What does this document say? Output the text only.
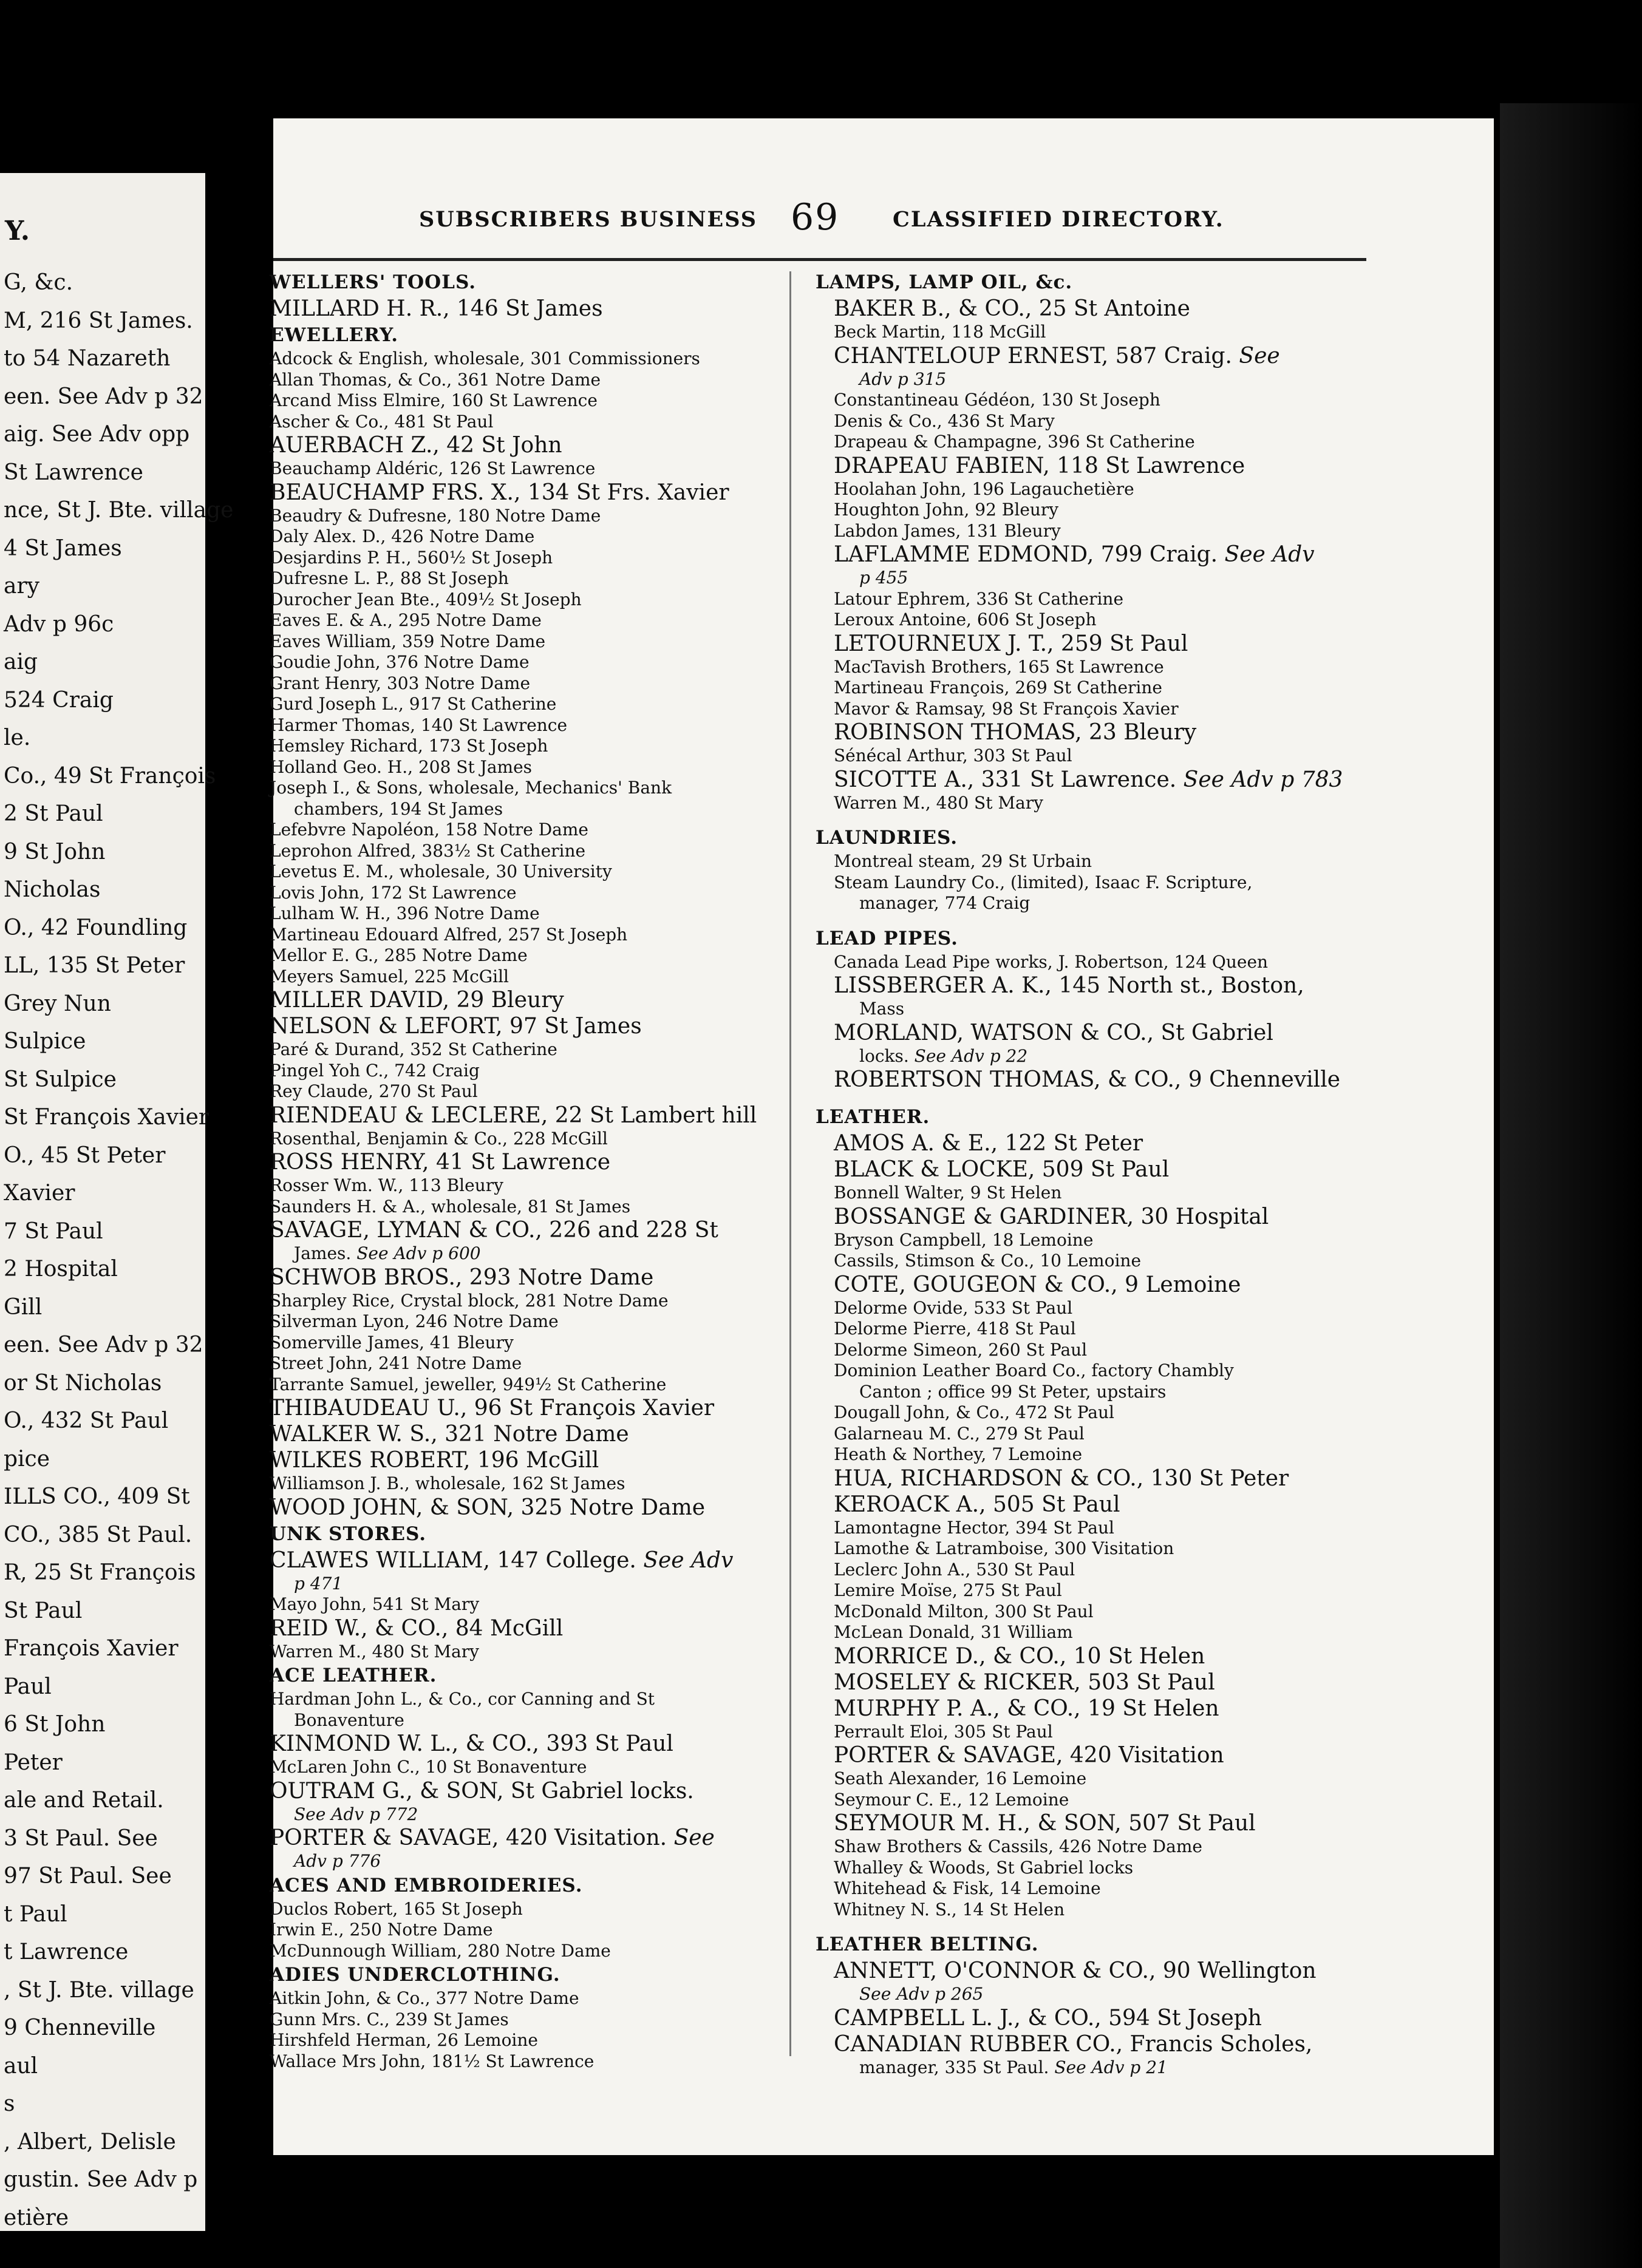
Y.
G, &c.
M, 216 St James.
to 54 Nazareth
een. See Adv p 32
aig. See Adv opp
St Lawrence
nce, St J. Bte. village
4 St James
ary
Adv p 96c
aig
524 Craig
le.
Co., 49 St François
2 St Paul
9 St John
Nicholas
O., 42 Foundling
LL, 135 St Peter
Grey Nun
Sulpice
St Sulpice
St François Xavier
O., 45 St Peter
Xavier
7 St Paul
2 Hospital
Gill
een. See Adv p 32
or St Nicholas
O., 432 St Paul
pice
ILLS CO., 409 St
CO., 385 St Paul.
R, 25 St François
St Paul
François Xavier
Paul
6 St John
Peter
ale and Retail.
3 St Paul. See
97 St Paul. See
t Paul
t Lawrence
, St J. Bte. village
9 Chenneville
aul
s
, Albert, Delisle
gustin. See Adv p
etière
SUBSCRIBERS BUSINESS 69	CLASSIFIED DIRECTORY.
WELLERS' TOOLS.
MILLARD H. R., 146 St James
EWELLERY.
Adcock & English, wholesale, 301 Commissioners
Allan Thomas, & Co., 361 Notre Dame
Arcand Miss Elmire, 160 St Lawrence
Ascher & Co., 481 St Paul
AUERBACH Z., 42 St John
Beauchamp Aldéric, 126 St Lawrence
BEAUCHAMP FRS. X., 134 St Frs. Xavier
Beaudry & Dufresne, 180 Notre Dame
Daly Alex. D., 426 Notre Dame
Desjardins P. H., 560½ St Joseph
Dufresne L. P., 88 St Joseph
Durocher Jean Bte., 409½ St Joseph
Eaves E. & A., 295 Notre Dame
Eaves William, 359 Notre Dame
Goudie John, 376 Notre Dame
Grant Henry, 303 Notre Dame
Gurd Joseph L., 917 St Catherine
Harmer Thomas, 140 St Lawrence
Hemsley Richard, 173 St Joseph
Holland Geo. H., 208 St James
Joseph I., & Sons, wholesale, Mechanics' Bank
chambers, 194 St James
Lefebvre Napoléon, 158 Notre Dame
Leprohon Alfred, 383½ St Catherine
Levetus E. M., wholesale, 30 University
Lovis John, 172 St Lawrence
Lulham W. H., 396 Notre Dame
Martineau Edouard Alfred, 257 St Joseph
Mellor E. G., 285 Notre Dame
Meyers Samuel, 225 McGill
MILLER DAVID, 29 Bleury
NELSON & LEFORT, 97 St James
Paré & Durand, 352 St Catherine
Pingel Yoh C., 742 Craig
Rey Claude, 270 St Paul
RIENDEAU & LECLERE, 22 St Lambert hill
Rosenthal, Benjamin & Co., 228 McGill
ROSS HENRY, 41 St Lawrence
Rosser Wm. W., 113 Bleury
Saunders H. & A., wholesale, 81 St James
SAVAGE, LYMAN & CO., 226 and 228 St
James. See Adv p 600
SCHWOB BROS., 293 Notre Dame
Sharpley Rice, Crystal block, 281 Notre Dame
Silverman Lyon, 246 Notre Dame
Somerville James, 41 Bleury
Street John, 241 Notre Dame
Tarrante Samuel, jeweller, 949½ St Catherine
THIBAUDEAU U., 96 St François Xavier
WALKER W. S., 321 Notre Dame
WILKES ROBERT, 196 McGill
Williamson J. B., wholesale, 162 St James
WOOD JOHN, & SON, 325 Notre Dame
UNK STORES.
CLAWES WILLIAM, 147 College. See Adv
p 471
Mayo John, 541 St Mary
REID W., & CO., 84 McGill
Warren M., 480 St Mary
ACE LEATHER.
Hardman John L., & Co., cor Canning and St
Bonaventure
KINMOND W. L., & CO., 393 St Paul
McLaren John C., 10 St Bonaventure
OUTRAM G., & SON, St Gabriel locks.
See Adv p 772
PORTER & SAVAGE, 420 Visitation. See
Adv p 776
ACES AND EMBROIDERIES.
Duclos Robert, 165 St Joseph
Irwin E., 250 Notre Dame
McDunnough William, 280 Notre Dame
ADIES UNDERCLOTHING.
Aitkin John, & Co., 377 Notre Dame
Gunn Mrs. C., 239 St James
Hirshfeld Herman, 26 Lemoine
Wallace Mrs John, 181½ St Lawrence
LAMPS, LAMP OIL, &c.
BAKER B., & CO., 25 St Antoine
Beck Martin, 118 McGill
CHANTELOUP ERNEST, 587 Craig. See
Adv p 315
Constantineau Gédéon, 130 St Joseph
Denis & Co., 436 St Mary
Drapeau & Champagne, 396 St Catherine
DRAPEAU FABIEN, 118 St Lawrence
Hoolahan John, 196 Lagauchetière
Houghton John, 92 Bleury
Labdon James, 131 Bleury
LAFLAMME EDMOND, 799 Craig. See Adv
p 455
Latour Ephrem, 336 St Catherine
Leroux Antoine, 606 St Joseph
LETOURNEUX J. T., 259 St Paul
MacTavish Brothers, 165 St Lawrence
Martineau François, 269 St Catherine
Mavor & Ramsay, 98 St François Xavier
ROBINSON THOMAS, 23 Bleury
Sénécal Arthur, 303 St Paul
SICOTTE A., 331 St Lawrence. See Adv p 783
Warren M., 480 St Mary
LAUNDRIES.
Montreal steam, 29 St Urbain
Steam Laundry Co., (limited), Isaac F. Scripture,
manager, 774 Craig
LEAD PIPES.
Canada Lead Pipe works, J. Robertson, 124 Queen
LISSBERGER A. K., 145 North st., Boston,
Mass
MORLAND, WATSON & CO., St Gabriel
locks. See Adv p 22
ROBERTSON THOMAS, & CO., 9 Chenneville
LEATHER.
AMOS A. & E., 122 St Peter
BLACK & LOCKE, 509 St Paul
Bonnell Walter, 9 St Helen
BOSSANGE & GARDINER, 30 Hospital
Bryson Campbell, 18 Lemoine
Cassils, Stimson & Co., 10 Lemoine
COTE, GOUGEON & CO., 9 Lemoine
Delorme Ovide, 533 St Paul
Delorme Pierre, 418 St Paul
Delorme Simeon, 260 St Paul
Dominion Leather Board Co., factory Chambly
Canton ; office 99 St Peter, upstairs
Dougall John, & Co., 472 St Paul
Galarneau M. C., 279 St Paul
Heath & Northey, 7 Lemoine
HUA, RICHARDSON & CO., 130 St Peter
KEROACK A., 505 St Paul
Lamontagne Hector, 394 St Paul
Lamothe & Latramboise, 300 Visitation
Leclerc John A., 530 St Paul
Lemire Moïse, 275 St Paul
McDonald Milton, 300 St Paul
McLean Donald, 31 William
MORRICE D., & CO., 10 St Helen
MOSELEY & RICKER, 503 St Paul
MURPHY P. A., & CO., 19 St Helen
Perrault Eloi, 305 St Paul
PORTER & SAVAGE, 420 Visitation
Seath Alexander, 16 Lemoine
Seymour C. E., 12 Lemoine
SEYMOUR M. H., & SON, 507 St Paul
Shaw Brothers & Cassils, 426 Notre Dame
Whalley & Woods, St Gabriel locks
Whitehead & Fisk, 14 Lemoine
Whitney N. S., 14 St Helen
LEATHER BELTING.
ANNETT, O'CONNOR & CO., 90 Wellington
See Adv p 265
CAMPBELL L. J., & CO., 594 St Joseph
CANADIAN RUBBER CO., Francis Scholes,
manager, 335 St Paul. See Adv p 21
